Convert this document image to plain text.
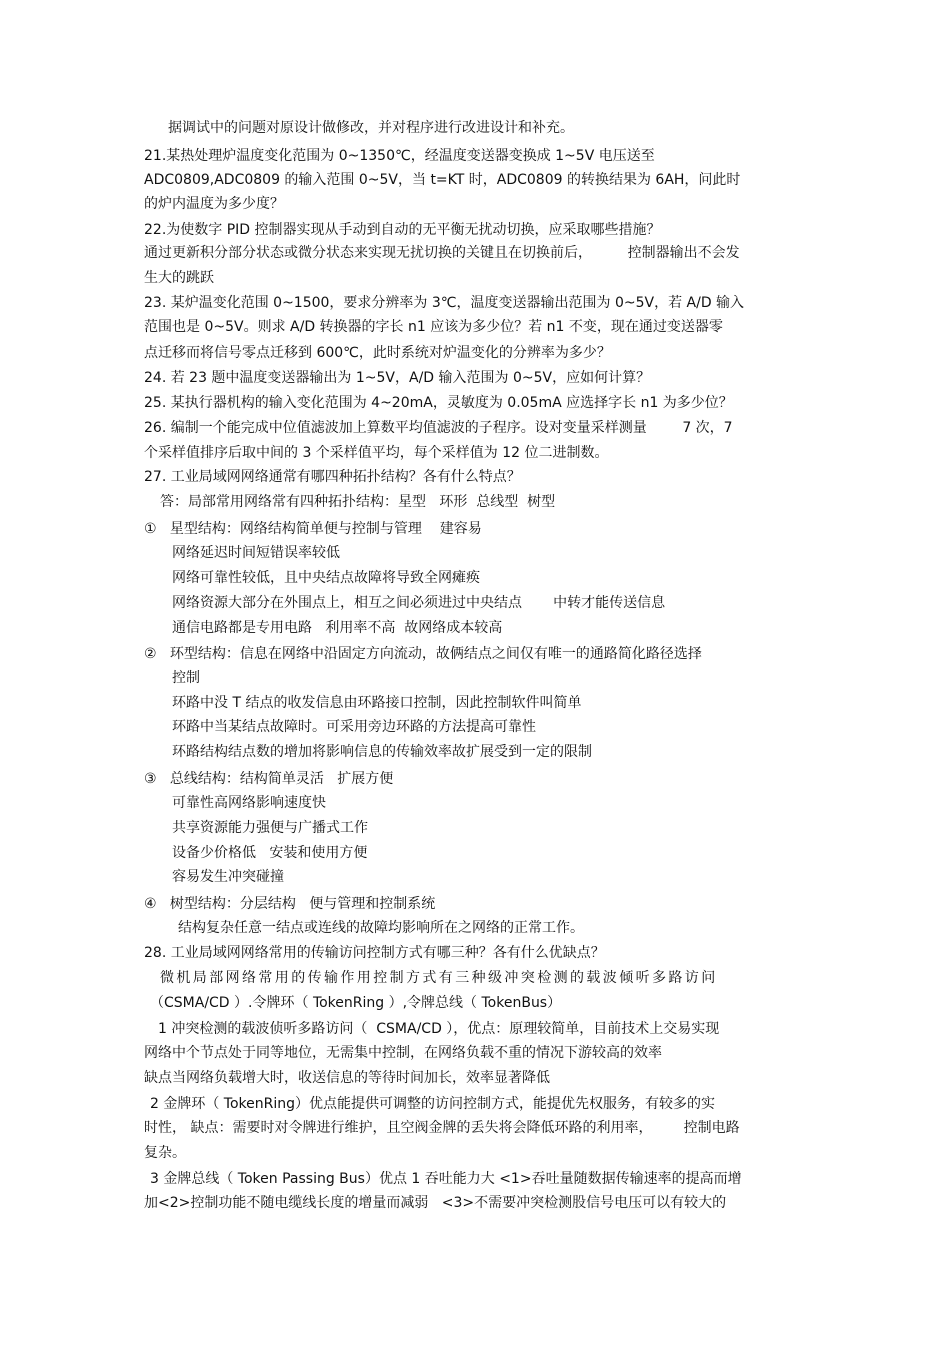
据调试中的问题对原设计做修改，并对程序进行改进设计和补充。
21.某热处理炉温度变化范围为 0~1350℃，经温度变送器变换成 1~5V 电压送至
ADC0809,ADC0809 的输入范围 0~5V，当 t=KT 时，ADC0809 的转换结果为 6AH，问此时
的炉内温度为多少度？
22.为使数字 PID 控制器实现从手动到自动的无平衡无扰动切换，应采取哪些措施？
通过更新积分部分状态或微分状态来实现无扰切换的关键且在切换前后，        控制器输出不会发
生大的跳跃
23. 某炉温变化范围 0~1500，要求分辨率为 3℃，温度变送器输出范围为 0~5V，若 A/D 输入
范围也是 0~5V。则求 A/D 转换器的字长 n1 应该为多少位？若 n1 不变，现在通过变送器零
点迁移而将信号零点迁移到 600℃，此时系统对炉温变化的分辨率为多少？
24. 若 23 题中温度变送器输出为 1~5V，A/D 输入范围为 0~5V，应如何计算？
25. 某执行器机构的输入变化范围为 4~20mA，灵敏度为 0.05mA 应选择字长 n1 为多少位？
26. 编制一个能完成中位值滤波加上算数平均值滤波的子程序。设对变量采样测量        7 次，7
个采样值排序后取中间的 3 个采样值平均，每个采样值为 12 位二进制数。
27. 工业局域网网络通常有哪四种拓扑结构？各有什么特点？
答：局部常用网络常有四种拓扑结构：星型   环形  总线型  树型
①   星型结构：网络结构简单便与控制与管理    建容易
网络延迟时间短错误率较低
网络可靠性较低，且中央结点故障将导致全网瘫痪
网络资源大部分在外围点上，相互之间必须进过中央结点       中转才能传送信息
通信电路都是专用电路   利用率不高  故网络成本较高
②   环型结构：信息在网络中沿固定方向流动，故俩结点之间仅有唯一的通路简化路径选择
控制
环路中没 T 结点的收发信息由环路接口控制，因此控制软件叫简单
环路中当某结点故障时。可采用旁边环路的方法提高可靠性
环路结构结点数的增加将影响信息的传输效率故扩展受到一定的限制
③   总线结构：结构简单灵活   扩展方便
可靠性高网络影响速度快
共享资源能力强便与广播式工作
设备少价格低   安装和使用方便
容易发生冲突碰撞
④   树型结构：分层结构   便与管理和控制系统
结构复杂任意一结点或连线的故障均影响所在之网络的正常工作。
28. 工业局域网网络常用的传输访问控制方式有哪三种？各有什么优缺点？
微机局部网络常用的传输作用控制方式有三种级冲突检测的载波倾听多路访问
（CSMA/CD ）.令牌环（ TokenRing ）,令牌总线（ TokenBus）
1 冲突检测的载波侦听多路访问（  CSMA/CD ），优点：原理较简单，目前技术上交易实现
网络中个节点处于同等地位，无需集中控制，在网络负载不重的情况下游较高的效率
缺点当网络负载增大时，收送信息的等待时间加长，效率显著降低
2 金牌环（ TokenRing）优点能提供可调整的访问控制方式，能提优先权服务，有较多的实
时性， 缺点：需要时对令牌进行维护，且空阀金牌的丢失将会降低环路的利用率，       控制电路
复杂。
3 金牌总线（ Token Passing Bus）优点 1 吞吐能力大 <1>吞吐量随数据传输速率的提高而增
加<2>控制功能不随电缆线长度的增量而减弱   <3>不需要冲突检测股信号电压可以有较大的
